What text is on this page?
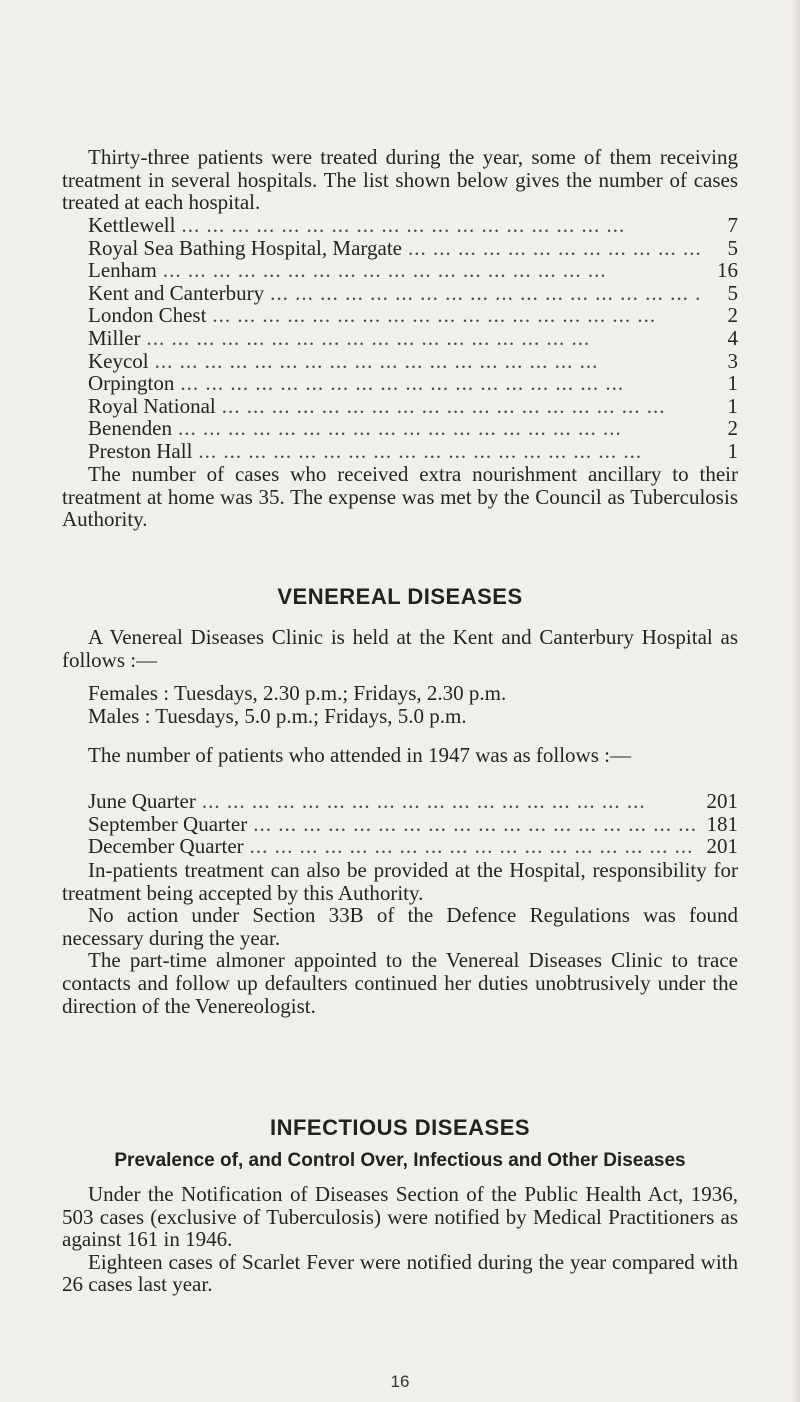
Thirty-three patients were treated during the year, some of them receiving treatment in several hospitals. The list shown below gives the number of cases treated at each hospital.

Kettlewell ...	7
Royal Sea Bathing Hospital, Margate ...	5
Lenham ...	16
Kent and Canterbury ...	5
London Chest ...	2
Miller ...	4
Keycol ...	3
Orpington ...	1
Royal National ...	1
Benenden ...	2
Preston Hall ...	1

The number of cases who received extra nourishment ancillary to their treatment at home was 35. The expense was met by the Council as Tuberculosis Authority.

VENEREAL DISEASES

A Venereal Diseases Clinic is held at the Kent and Canterbury Hospital as follows :—

Females : Tuesdays, 2.30 p.m.; Fridays, 2.30 p.m.
Males : Tuesdays, 5.0 p.m.; Fridays, 5.0 p.m.

The number of patients who attended in 1947 was as follows :—

June Quarter ...	201
September Quarter ...	181
December Quarter ...	201

In-patients treatment can also be provided at the Hospital, responsibility for treatment being accepted by this Authority.

No action under Section 33B of the Defence Regulations was found necessary during the year.

The part-time almoner appointed to the Venereal Diseases Clinic to trace contacts and follow up defaulters continued her duties unobtrusively under the direction of the Venereologist.

INFECTIOUS DISEASES
Prevalence of, and Control Over, Infectious and Other Diseases

Under the Notification of Diseases Section of the Public Health Act, 1936, 503 cases (exclusive of Tuberculosis) were notified by Medical Practitioners as against 161 in 1946.

Eighteen cases of Scarlet Fever were notified during the year compared with 26 cases last year.

16
